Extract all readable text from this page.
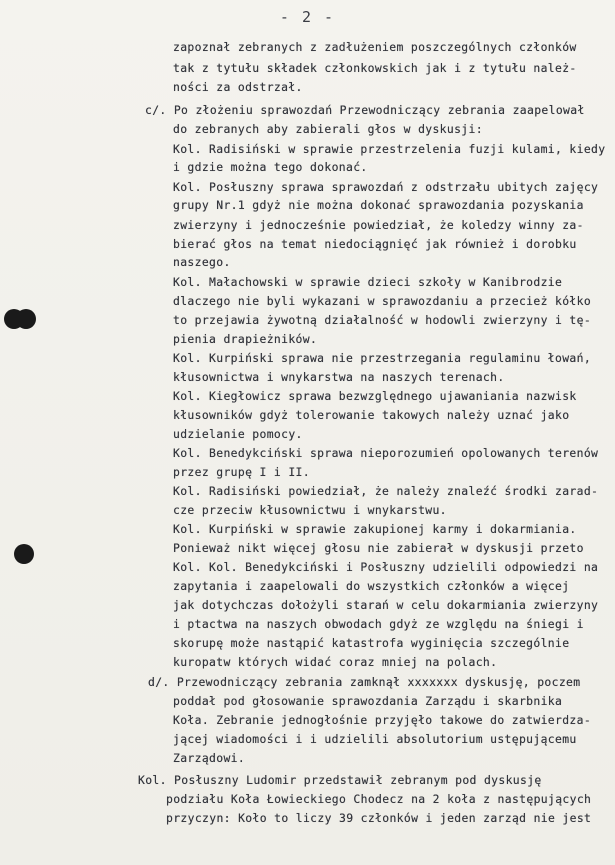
- 2 -
zapoznał zebranych z zadłużeniem poszczególnych członków
tak z tytułu składek członkowskich jak i z tytułu należ-
ności za odstrzał.
c/. Po złożeniu sprawozdań Przewodniczący zebrania zaapelował
do zebranych aby zabierali głos w dyskusji:
Kol. Radisiński w sprawie przestrzelenia fuzji kulami, kiedy
i gdzie można tego dokonać.
Kol. Posłuszny sprawa sprawozdań z odstrzału ubitych zajęcy
grupy Nr.1 gdyż nie można dokonać sprawozdania pozyskania
zwierzyny i jednocześnie powiedział, że koledzy winny za-
bierać głos na temat niedociągnięć jak również i dorobku
naszego.
Kol. Małachowski w sprawie dzieci szkoły w Kanibrodzie
dlaczego nie byli wykazani w sprawozdaniu a przecież kółko
to przejawia żywotną działalność w hodowli zwierzyny i tę-
pienia drapieżników.
Kol. Kurpiński sprawa nie przestrzegania regulaminu łowań,
kłusownictwa i wnykarstwa na naszych terenach.
Kol. Kiegłowicz sprawa bezwzględnego ujawaniania nazwisk
kłusowników gdyż tolerowanie takowych należy uznać jako
udzielanie pomocy.
Kol. Benedykciński sprawa nieporozumień opolowanych terenów
przez grupę I i II.
Kol. Radisiński powiedział, że należy znaleźć środki zarad-
cze przeciw kłusownictwu i wnykarstwu.
Kol. Kurpiński w sprawie zakupionej karmy i dokarmiania.
Ponieważ nikt więcej głosu nie zabierał w dyskusji przeto
Kol. Kol. Benedykciński i Posłuszny udzielili odpowiedzi na
zapytania i zaapelowali do wszystkich członków a więcej
jak dotychczas dołożyli starań w celu dokarmiania zwierzyny
i ptactwa na naszych obwodach gdyż ze względu na śniegi i
skorupę może nastąpić katastrofa wyginięcia szczególnie
kuropatw których widać coraz mniej na polach.
d/. Przewodniczący zebrania zamknął xxxxxxx dyskusję, poczem
poddał pod głosowanie sprawozdania Zarządu i skarbnika
Koła. Zebranie jednogłośnie przyjęło takowe do zatwierdza-
jącej wiadomości i i udzielili absolutorium ustępującemu
Zarządowi.
Kol. Posłuszny Ludomir przedstawił zebranym pod dyskusję
podziału Koła Łowieckiego Chodecz na 2 koła z następujących
przyczyn: Koło to liczy 39 członków i jeden zarząd nie jest
